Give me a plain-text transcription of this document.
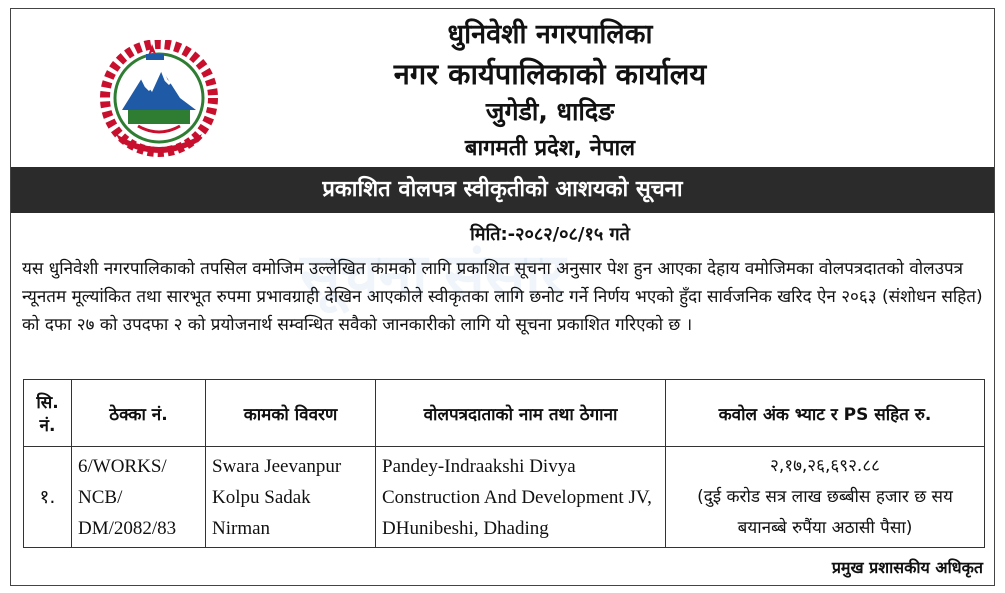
धुनिवेशी नगरपालिका
नगर कार्यपालिकाको कार्यालय
जुगेडी, धादिङ
बागमती प्रदेश, नेपाल
प्रकाशित वोलपत्र स्वीकृतीको आशयको सूचना
सूचना संसार
मिति:-२०८२/०८/१५ गते
यस धुनिवेशी नगरपालिकाको तपसिल वमोजिम उल्लेखित कामको लागि प्रकाशित सूचना अनुसार पेश हुन आएका देहाय वमोजिमका वोलपत्रदातको वोलउपत्र न्यूनतम मूल्यांकित तथा सारभूत रुपमा प्रभावग्राही देखिन आएकोले स्वीकृतका लागि छनोट गर्ने निर्णय भएको हुँदा सार्वजनिक खरिद ऐन २०६३ (संशोधन सहित) को दफा २७ को उपदफा २ को प्रयोजनार्थ सम्वन्धित सवैको जानकारीको लागि यो सूचना प्रकाशित गरिएको छ ।
सि. नं.	ठेक्का नं.	कामको विवरण	वोलपत्रदाताको नाम तथा ठेगाना	कवोल अंक भ्याट र PS सहित रु.
१.	6/WORKS/ NCB/ DM/2082/83	Swara Jeevanpur Kolpu Sadak Nirman	Pandey-Indraakshi Divya Construction And Development JV, DHunibeshi, Dhading	२,१७,२६,६९२.८८
(दुई करोड सत्र लाख छब्बीस हजार छ सय बयानब्बे रुपैंया अठासी पैसा)
प्रमुख प्रशासकीय अधिकृत
